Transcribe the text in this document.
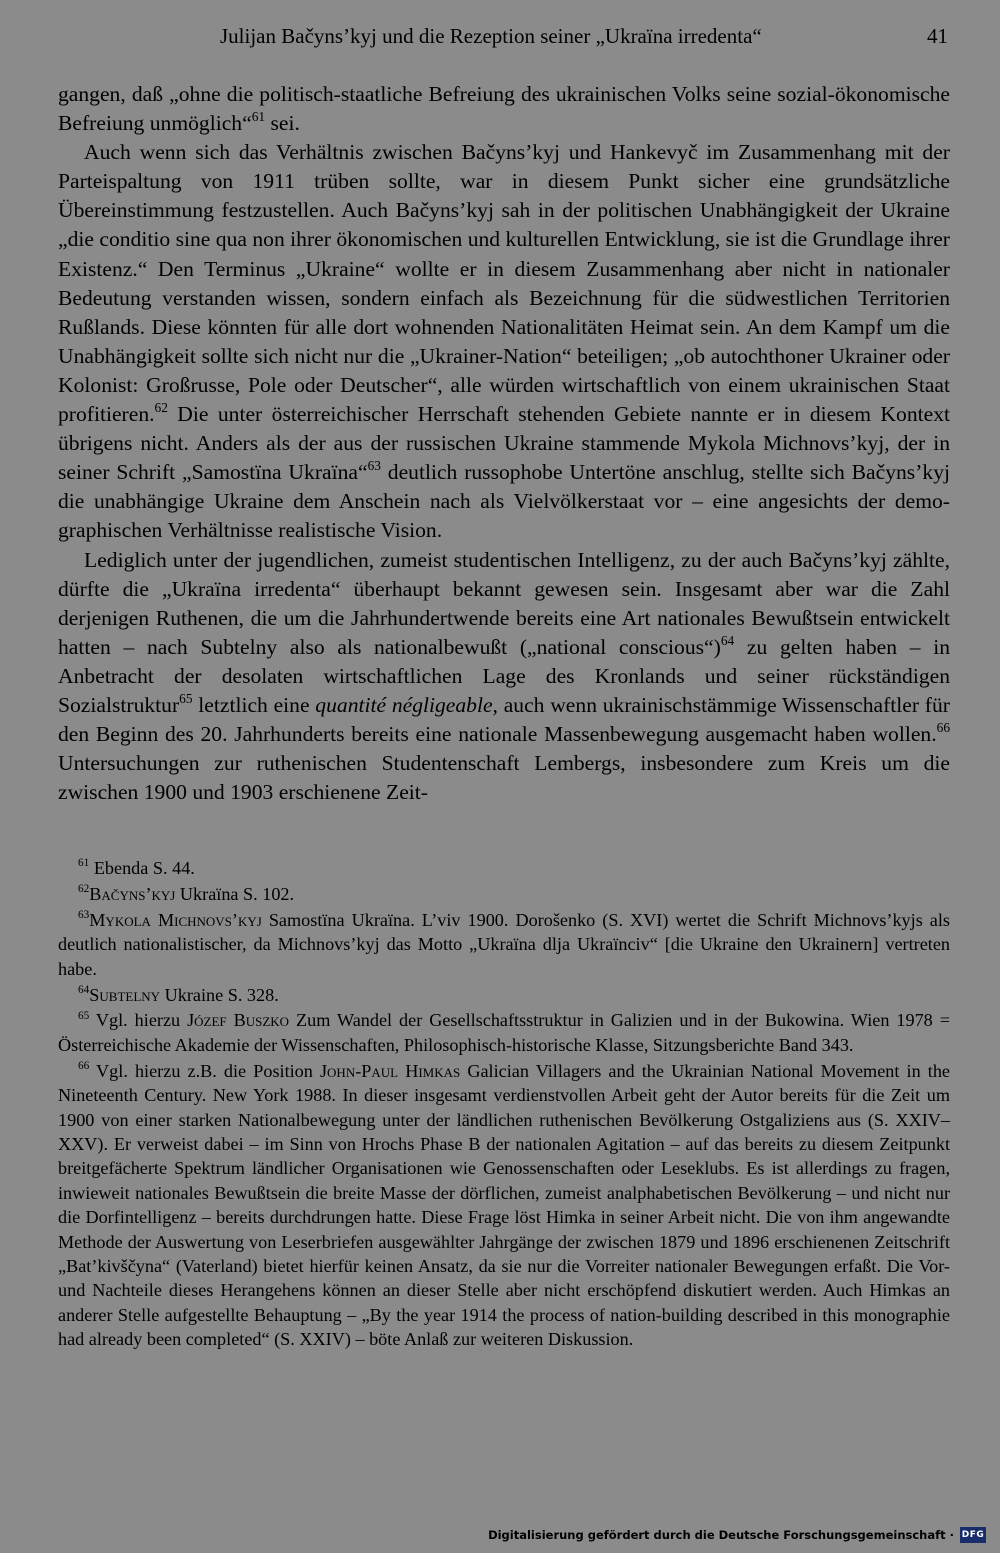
Julijan Bačyns’kyj und die Rezeption seiner „Ukraïna irredenta“	41

gangen, daß „ohne die politisch-staatliche Befreiung des ukrainischen Volks seine sozial-ökonomische Befreiung unmöglich“$^{61}$ sei.

Auch wenn sich das Verhältnis zwischen Bačyns’kyj und Hankevyč im Zusammenhang mit der Parteispaltung von 1911 trüben sollte, war in diesem Punkt sicher eine grundsätzliche Übereinstimmung festzustellen. Auch Bačyns’kyj sah in der politischen Unabhängigkeit der Ukraine „die conditio sine qua non ihrer ökonomischen und kulturellen Entwicklung, sie ist die Grundlage ihrer Existenz.“ Den Terminus „Ukraine“ wollte er in diesem Zusammenhang aber nicht in nationaler Bedeutung verstanden wissen, sondern einfach als Bezeichnung für die südwestlichen Territorien Rußlands. Diese könnten für alle dort wohnenden Nationalitäten Heimat sein. An dem Kampf um die Unabhängigkeit sollte sich nicht nur die „Ukrainer-Nation“ beteiligen; „ob autochthoner Ukrainer oder Kolonist: Großrusse, Pole oder Deutscher“, alle würden wirtschaftlich von einem ukrainischen Staat profitieren.$^{62}$ Die unter österreichischer Herrschaft stehenden Gebiete nannte er in diesem Kontext übrigens nicht. Anders als der aus der russischen Ukraine stammende Mykola Michnovs’kyj, der in seiner Schrift „Samostïna Ukraïna“$^{63}$ deutlich russophobe Untertöne anschlug, stellte sich Bačyns’kyj die unabhängige Ukraine dem Anschein nach als Vielvölkerstaat vor – eine angesichts der demographischen Verhältnisse realistische Vision.

Lediglich unter der jugendlichen, zumeist studentischen Intelligenz, zu der auch Bačyns’kyj zählte, dürfte die „Ukraïna irredenta“ überhaupt bekannt gewesen sein. Insgesamt aber war die Zahl derjenigen Ruthenen, die um die Jahrhundertwende bereits eine Art nationales Bewußtsein entwickelt hatten – nach Subtelny also als nationalbewußt („national conscious“)$^{64}$ zu gelten haben – in Anbetracht der desolaten wirtschaftlichen Lage des Kronlands und seiner rückständigen Sozialstruktur$^{65}$ letztlich eine quantité négligeable, auch wenn ukrainischstämmige Wissenschaftler für den Beginn des 20. Jahrhunderts bereits eine nationale Massenbewegung ausgemacht haben wollen.$^{66}$ Untersuchungen zur ruthenischen Studentenschaft Lembergs, insbesondere zum Kreis um die zwischen 1900 und 1903 erschienene Zeit-

$^{61}$ Ebenda S. 44.

$^{62}$Bačyns’kyj Ukraïna S. 102.

$^{63}$Mykola Michnovs’kyj Samostïna Ukraïna. L’viv 1900. Dorošenko (S. XVI) wertet die Schrift Michnovs’kyjs als deutlich nationalistischer, da Michnovs’kyj das Motto „Ukraïna dlja Ukraïnciv“ [die Ukraine den Ukrainern] vertreten habe.

$^{64}$Subtelny Ukraine S. 328.

$^{65}$ Vgl. hierzu Józef Buszko Zum Wandel der Gesellschaftsstruktur in Galizien und in der Bukowina. Wien 1978 = Österreichische Akademie der Wissenschaften, Philosophisch-historische Klasse, Sitzungsberichte Band 343.

$^{66}$ Vgl. hierzu z.B. die Position John-Paul Himkas Galician Villagers and the Ukrainian National Movement in the Nineteenth Century. New York 1988. In dieser insgesamt verdienstvollen Arbeit geht der Autor bereits für die Zeit um 1900 von einer starken Nationalbewegung unter der ländlichen ruthenischen Bevölkerung Ostgaliziens aus (S. XXIV–XXV). Er verweist dabei – im Sinn von Hrochs Phase B der nationalen Agitation – auf das bereits zu diesem Zeitpunkt breitgefächerte Spektrum ländlicher Organisationen wie Genossenschaften oder Leseklubs. Es ist allerdings zu fragen, inwieweit nationales Bewußtsein die breite Masse der dörflichen, zumeist analphabetischen Bevölkerung – und nicht nur die Dorfintelligenz – bereits durchdrungen hatte. Diese Frage löst Himka in seiner Arbeit nicht. Die von ihm angewandte Methode der Auswertung von Leserbriefen ausgewählter Jahrgänge der zwischen 1879 und 1896 erschienenen Zeitschrift „Bat’kivščyna“ (Vaterland) bietet hierfür keinen Ansatz, da sie nur die Vorreiter nationaler Bewegungen erfaßt. Die Vor- und Nachteile dieses Herangehens können an dieser Stelle aber nicht erschöpfend diskutiert werden. Auch Himkas an anderer Stelle aufgestellte Behauptung – „By the year 1914 the process of nation-building described in this monographie had already been completed“ (S. XXIV) – böte Anlaß zur weiteren Diskussion.

Digitalisierung gefördert durch die Deutsche Forschungsgemeinschaft · DFG
